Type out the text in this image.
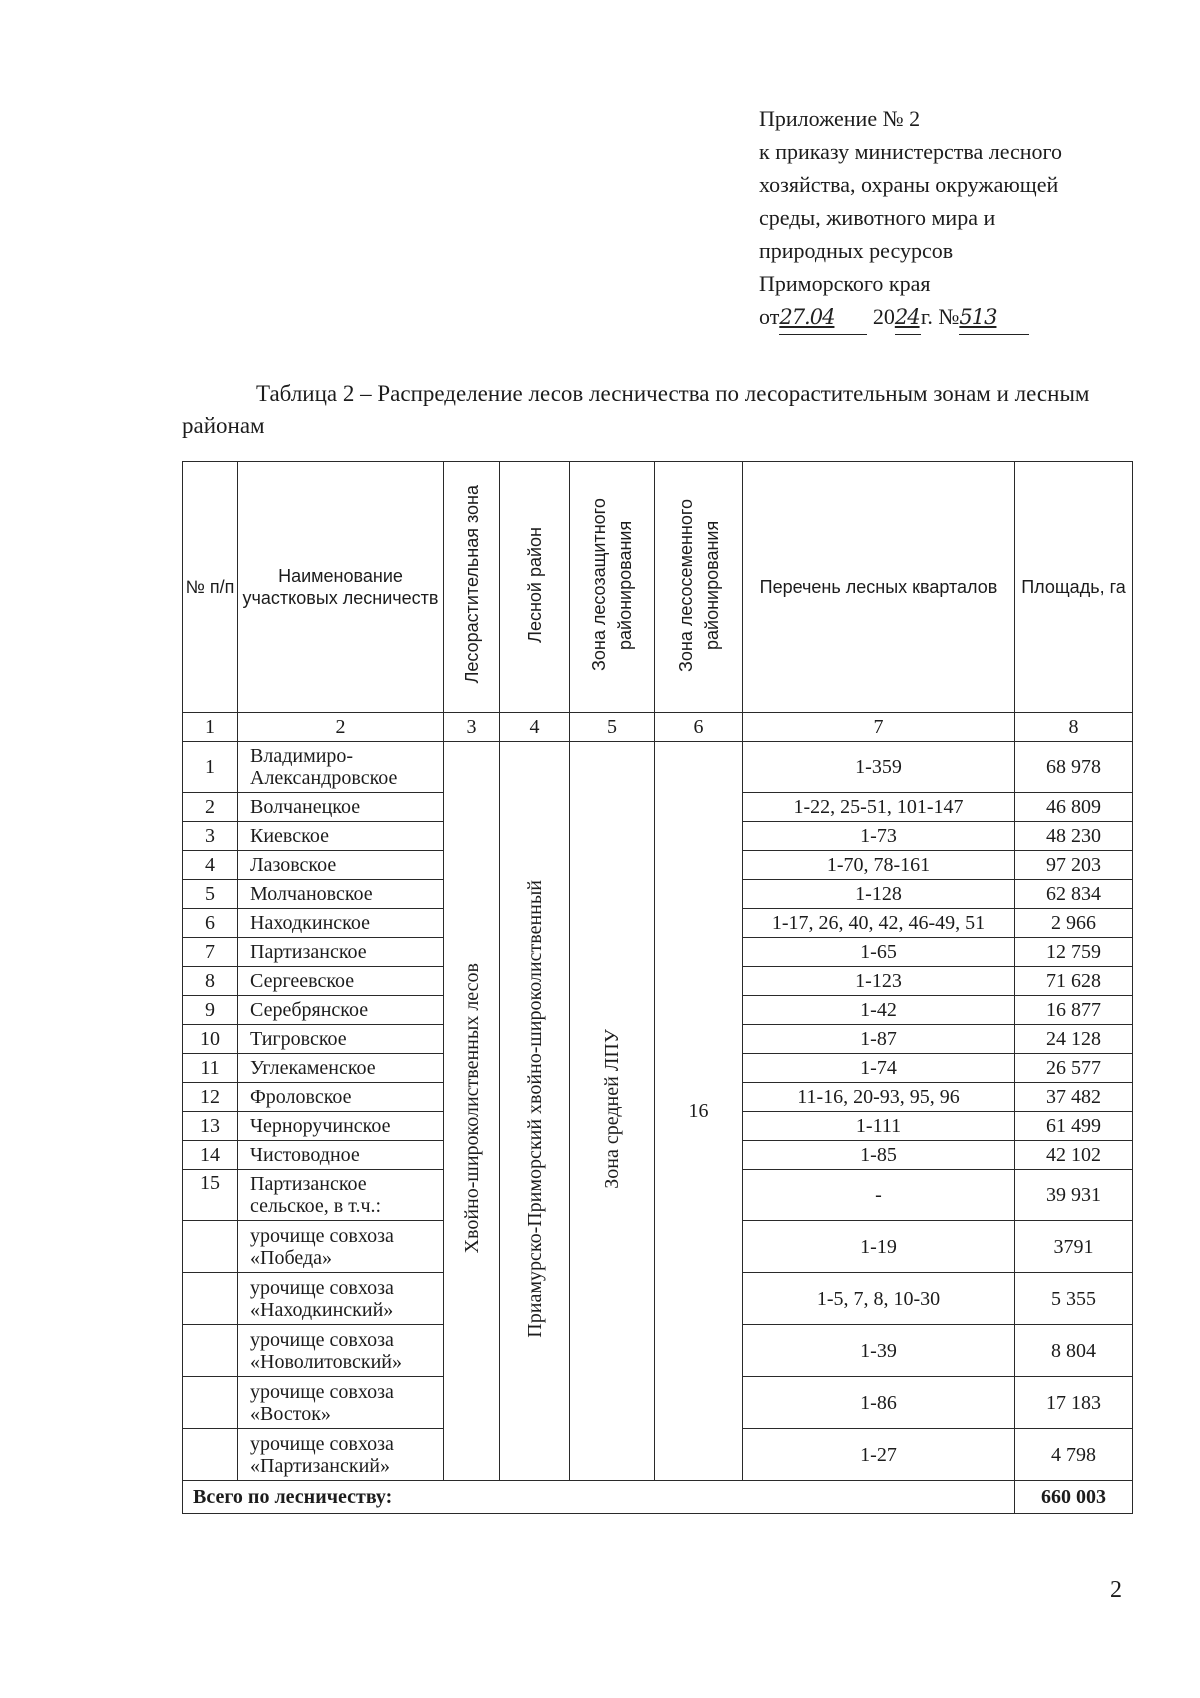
Приложение № 2
к приказу министерства лесного
хозяйства, охраны окружающей
среды, животного мира и
природных ресурсов
Приморского края
от27.04 2024г. №513
Таблица 2 – Распределение лесов лесничества по лесорастительным зонам и лесным районам
№ п/п	Наименование участковых лесничеств	Лесорастительная зона	Лесной район	Зона лесозащитного районирования	Зона лесосеменного районирования	Перечень лесных кварталов	Площадь, га
1	2	3	4	5	6	7	8
1	Владимиро-Александровское	Хвойно-широколиственных лесов	Приамурско-Приморский хвойно-широколиственный	Зона средней ЛПУ	16	1-359	68 978
2	Волчанецкое					1-22, 25-51, 101-147	46 809
3	Киевское					1-73	48 230
4	Лазовское					1-70, 78-161	97 203
5	Молчановское					1-128	62 834
6	Находкинское					1-17, 26, 40, 42, 46-49, 51	2 966
7	Партизанское					1-65	12 759
8	Сергеевское					1-123	71 628
9	Серебрянское					1-42	16 877
10	Тигровское					1-87	24 128
11	Углекаменское					1-74	26 577
12	Фроловское					11-16, 20-93, 95, 96	37 482
13	Черноручинское					1-111	61 499
14	Чистоводное					1-85	42 102
15	Партизанское сельское, в т.ч.:					-	39 931
	урочище совхоза «Победа»					1-19	3791
	урочище совхоза «Находкинский»					1-5, 7, 8, 10-30	5 355
	урочище совхоза «Новолитовский»					1-39	8 804
	урочище совхоза «Восток»					1-86	17 183
	урочище совхоза «Партизанский»					1-27	4 798
Всего по лесничеству:							660 003
2
